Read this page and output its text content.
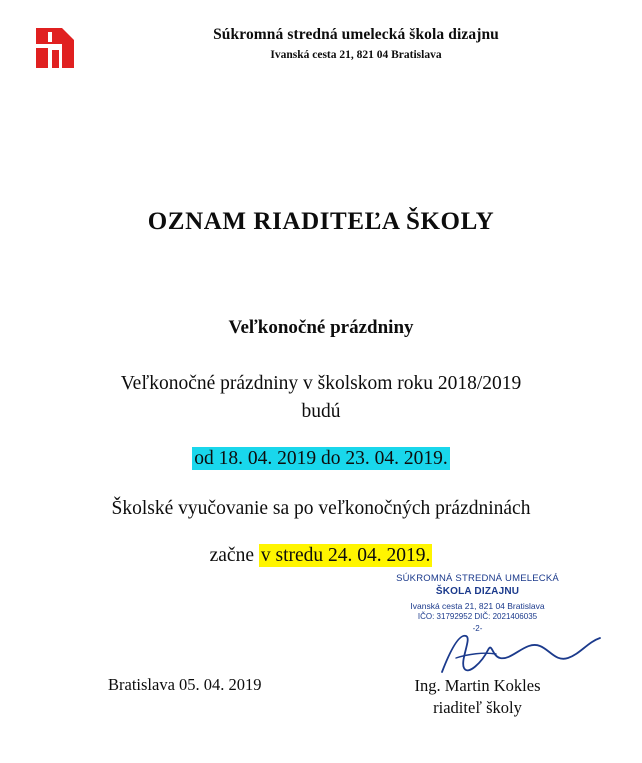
Súkromná stredná umelecká škola dizajnu
Ivanská cesta 21, 821 04 Bratislava
OZNAM RIADITEĽA ŠKOLY
Veľkonočné prázdniny
Veľkonočné prázdniny v školskom roku 2018/2019
budú
od 18. 04. 2019 do 23. 04. 2019.
Školské vyučovanie sa po veľkonočných prázdninách
začne v stredu 24. 04. 2019.
SÚKROMNÁ STREDNÁ UMELECKÁ
ŠKOLA DIZAJNU
Ivanská cesta 21, 821 04 Bratislava
IČO: 31792952 DIČ: 2021406035
-2-
Bratislava 05. 04. 2019	Ing. Martin Kokles
riaditeľ školy
